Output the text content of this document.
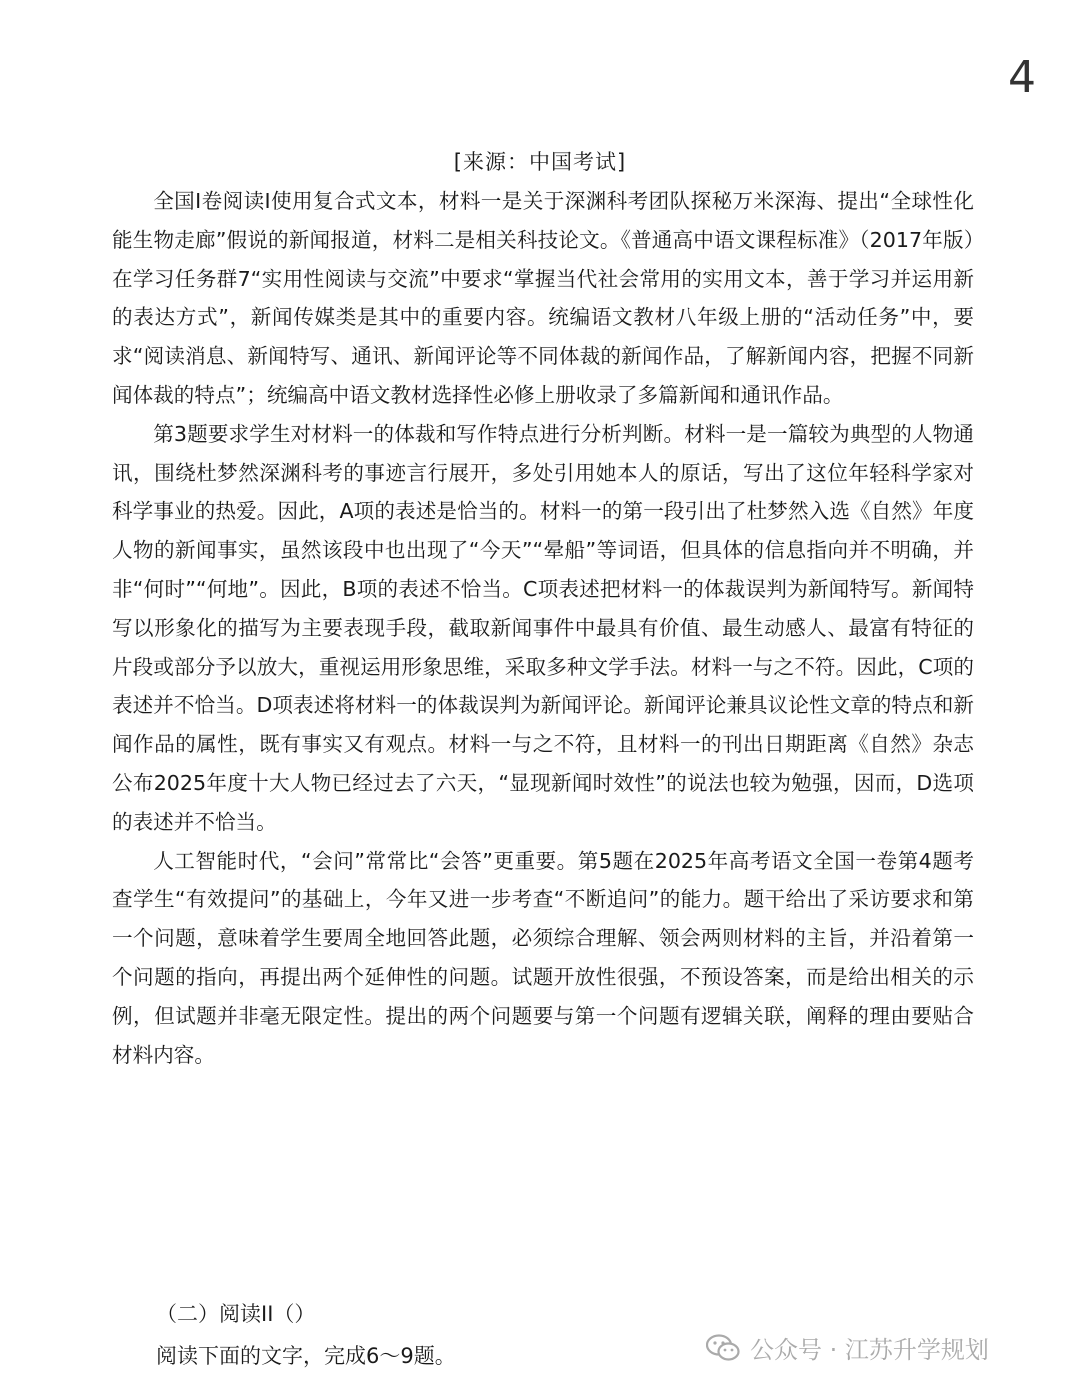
4
[来源：中国考试]

全国Ⅰ卷阅读Ⅰ使用复合式文本，材料一是关于深渊科考团队探秘万米深海、提出“全球性化能生物走廊”假说的新闻报道，材料二是相关科技论文。《普通高中语文课程标准》（2017年版）在学习任务群7“实用性阅读与交流”中要求“掌握当代社会常用的实用文本，善于学习并运用新的表达方式”，新闻传媒类是其中的重要内容。统编语文教材八年级上册的“活动任务”中，要求“阅读消息、新闻特写、通讯、新闻评论等不同体裁的新闻作品，了解新闻内容，把握不同新闻体裁的特点”；统编高中语文教材选择性必修上册收录了多篇新闻和通讯作品。

第3题要求学生对材料一的体裁和写作特点进行分析判断。材料一是一篇较为典型的人物通讯，围绕杜梦然深渊科考的事迹言行展开，多处引用她本人的原话，写出了这位年轻科学家对科学事业的热爱。因此，A项的表述是恰当的。材料一的第一段引出了杜梦然入选《自然》年度人物的新闻事实，虽然该段中也出现了“今天”“晕船”等词语，但具体的信息指向并不明确，并非“何时”“何地”。因此，B项的表述不恰当。C项表述把材料一的体裁误判为新闻特写。新闻特写以形象化的描写为主要表现手段，截取新闻事件中最具有价值、最生动感人、最富有特征的片段或部分予以放大，重视运用形象思维，采取多种文学手法。材料一与之不符。因此，C项的表述并不恰当。D项表述将材料一的体裁误判为新闻评论。新闻评论兼具议论性文章的特点和新闻作品的属性，既有事实又有观点。材料一与之不符，且材料一的刊出日期距离《自然》杂志公布2025年度十大人物已经过去了六天，“显现新闻时效性”的说法也较为勉强，因而，D选项的表述并不恰当。

人工智能时代，“会问”常常比“会答”更重要。第5题在2025年高考语文全国一卷第4题考查学生“有效提问”的基础上，今年又进一步考查“不断追问”的能力。题干给出了采访要求和第一个问题，意味着学生要周全地回答此题，必须综合理解、领会两则材料的主旨，并沿着第一个问题的指向，再提出两个延伸性的问题。试题开放性很强，不预设答案，而是给出相关的示例，但试题并非毫无限定性。提出的两个问题要与第一个问题有逻辑关联，阐释的理由要贴合材料内容。

（二）阅读II（）
阅读下面的文字，完成6～9题。	公众号 · 江苏升学规划
